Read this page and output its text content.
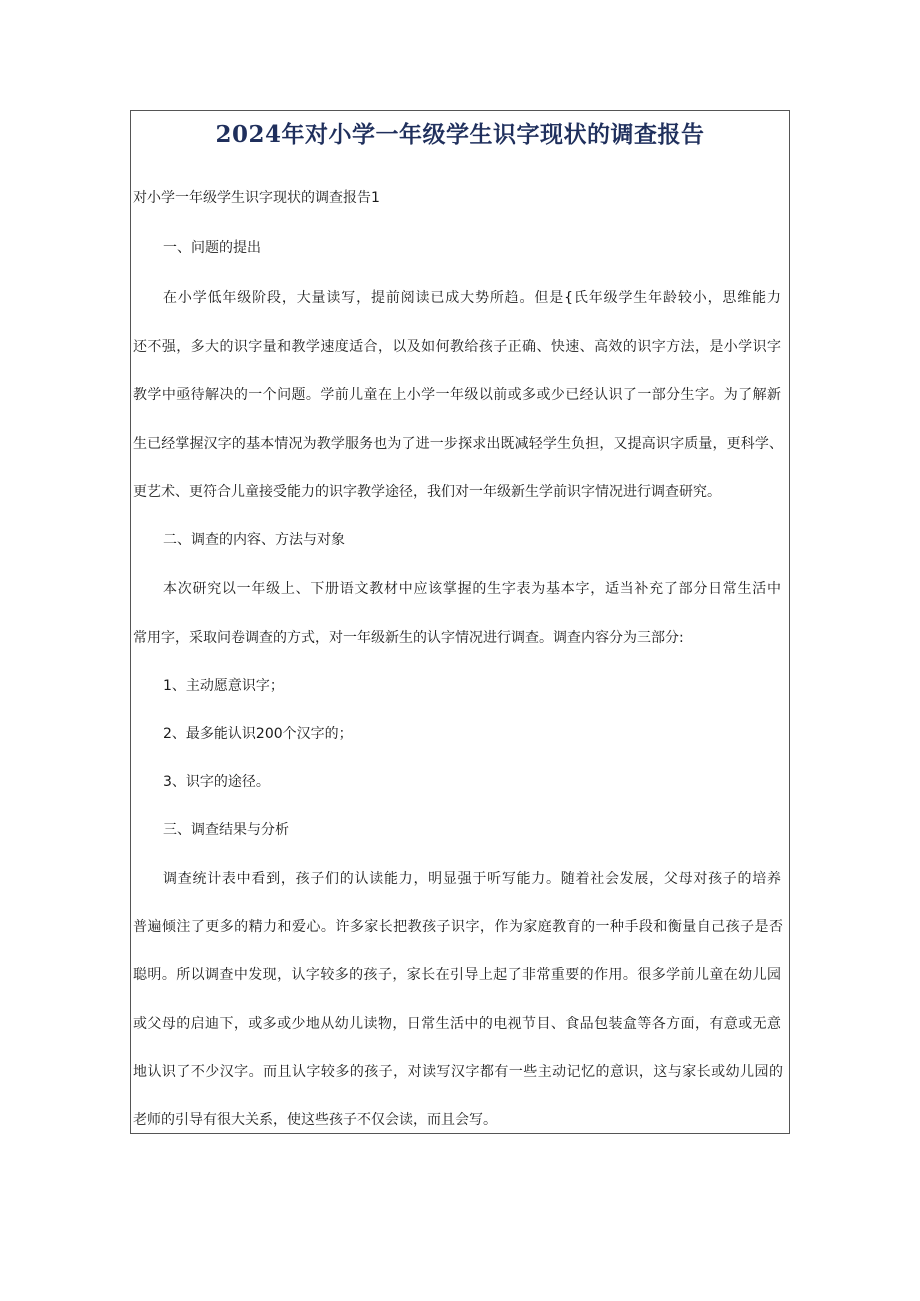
2024年对小学一年级学生识字现状的调查报告

对小学一年级学生识字现状的调查报告1

一、问题的提出

在小学低年级阶段，大量读写，提前阅读已成大势所趋。但是{氏年级学生年龄较小，思维能力

还不强，多大的识字量和教学速度适合，以及如何教给孩子正确、快速、高效的识字方法，是小学识字

教学中亟待解决的一个问题。学前儿童在上小学一年级以前或多或少已经认识了一部分生字。为了解新

生已经掌握汉字的基本情况为教学服务也为了进一步探求出既减轻学生负担，又提高识字质量，更科学、

更艺术、更符合儿童接受能力的识字教学途径，我们对一年级新生学前识字情况进行调查研究。

二、调查的内容、方法与对象

本次研究以一年级上、下册语文教材中应该掌握的生字表为基本字，适当补充了部分日常生活中

常用字，采取问卷调查的方式，对一年级新生的认字情况进行调查。调查内容分为三部分:

1、主动愿意识字；

2、最多能认识200个汉字的；

3、识字的途径。

三、调查结果与分析

调查统计表中看到，孩子们的认读能力，明显强于听写能力。随着社会发展，父母对孩子的培养

普遍倾注了更多的精力和爱心。许多家长把教孩子识字，作为家庭教育的一种手段和衡量自己孩子是否

聪明。所以调查中发现，认字较多的孩子，家长在引导上起了非常重要的作用。很多学前儿童在幼儿园

或父母的启迪下，或多或少地从幼儿读物，日常生活中的电视节目、食品包装盒等各方面，有意或无意

地认识了不少汉字。而且认字较多的孩子，对读写汉字都有一些主动记忆的意识，这与家长或幼儿园的

老师的引导有很大关系，使这些孩子不仅会读，而且会写。
